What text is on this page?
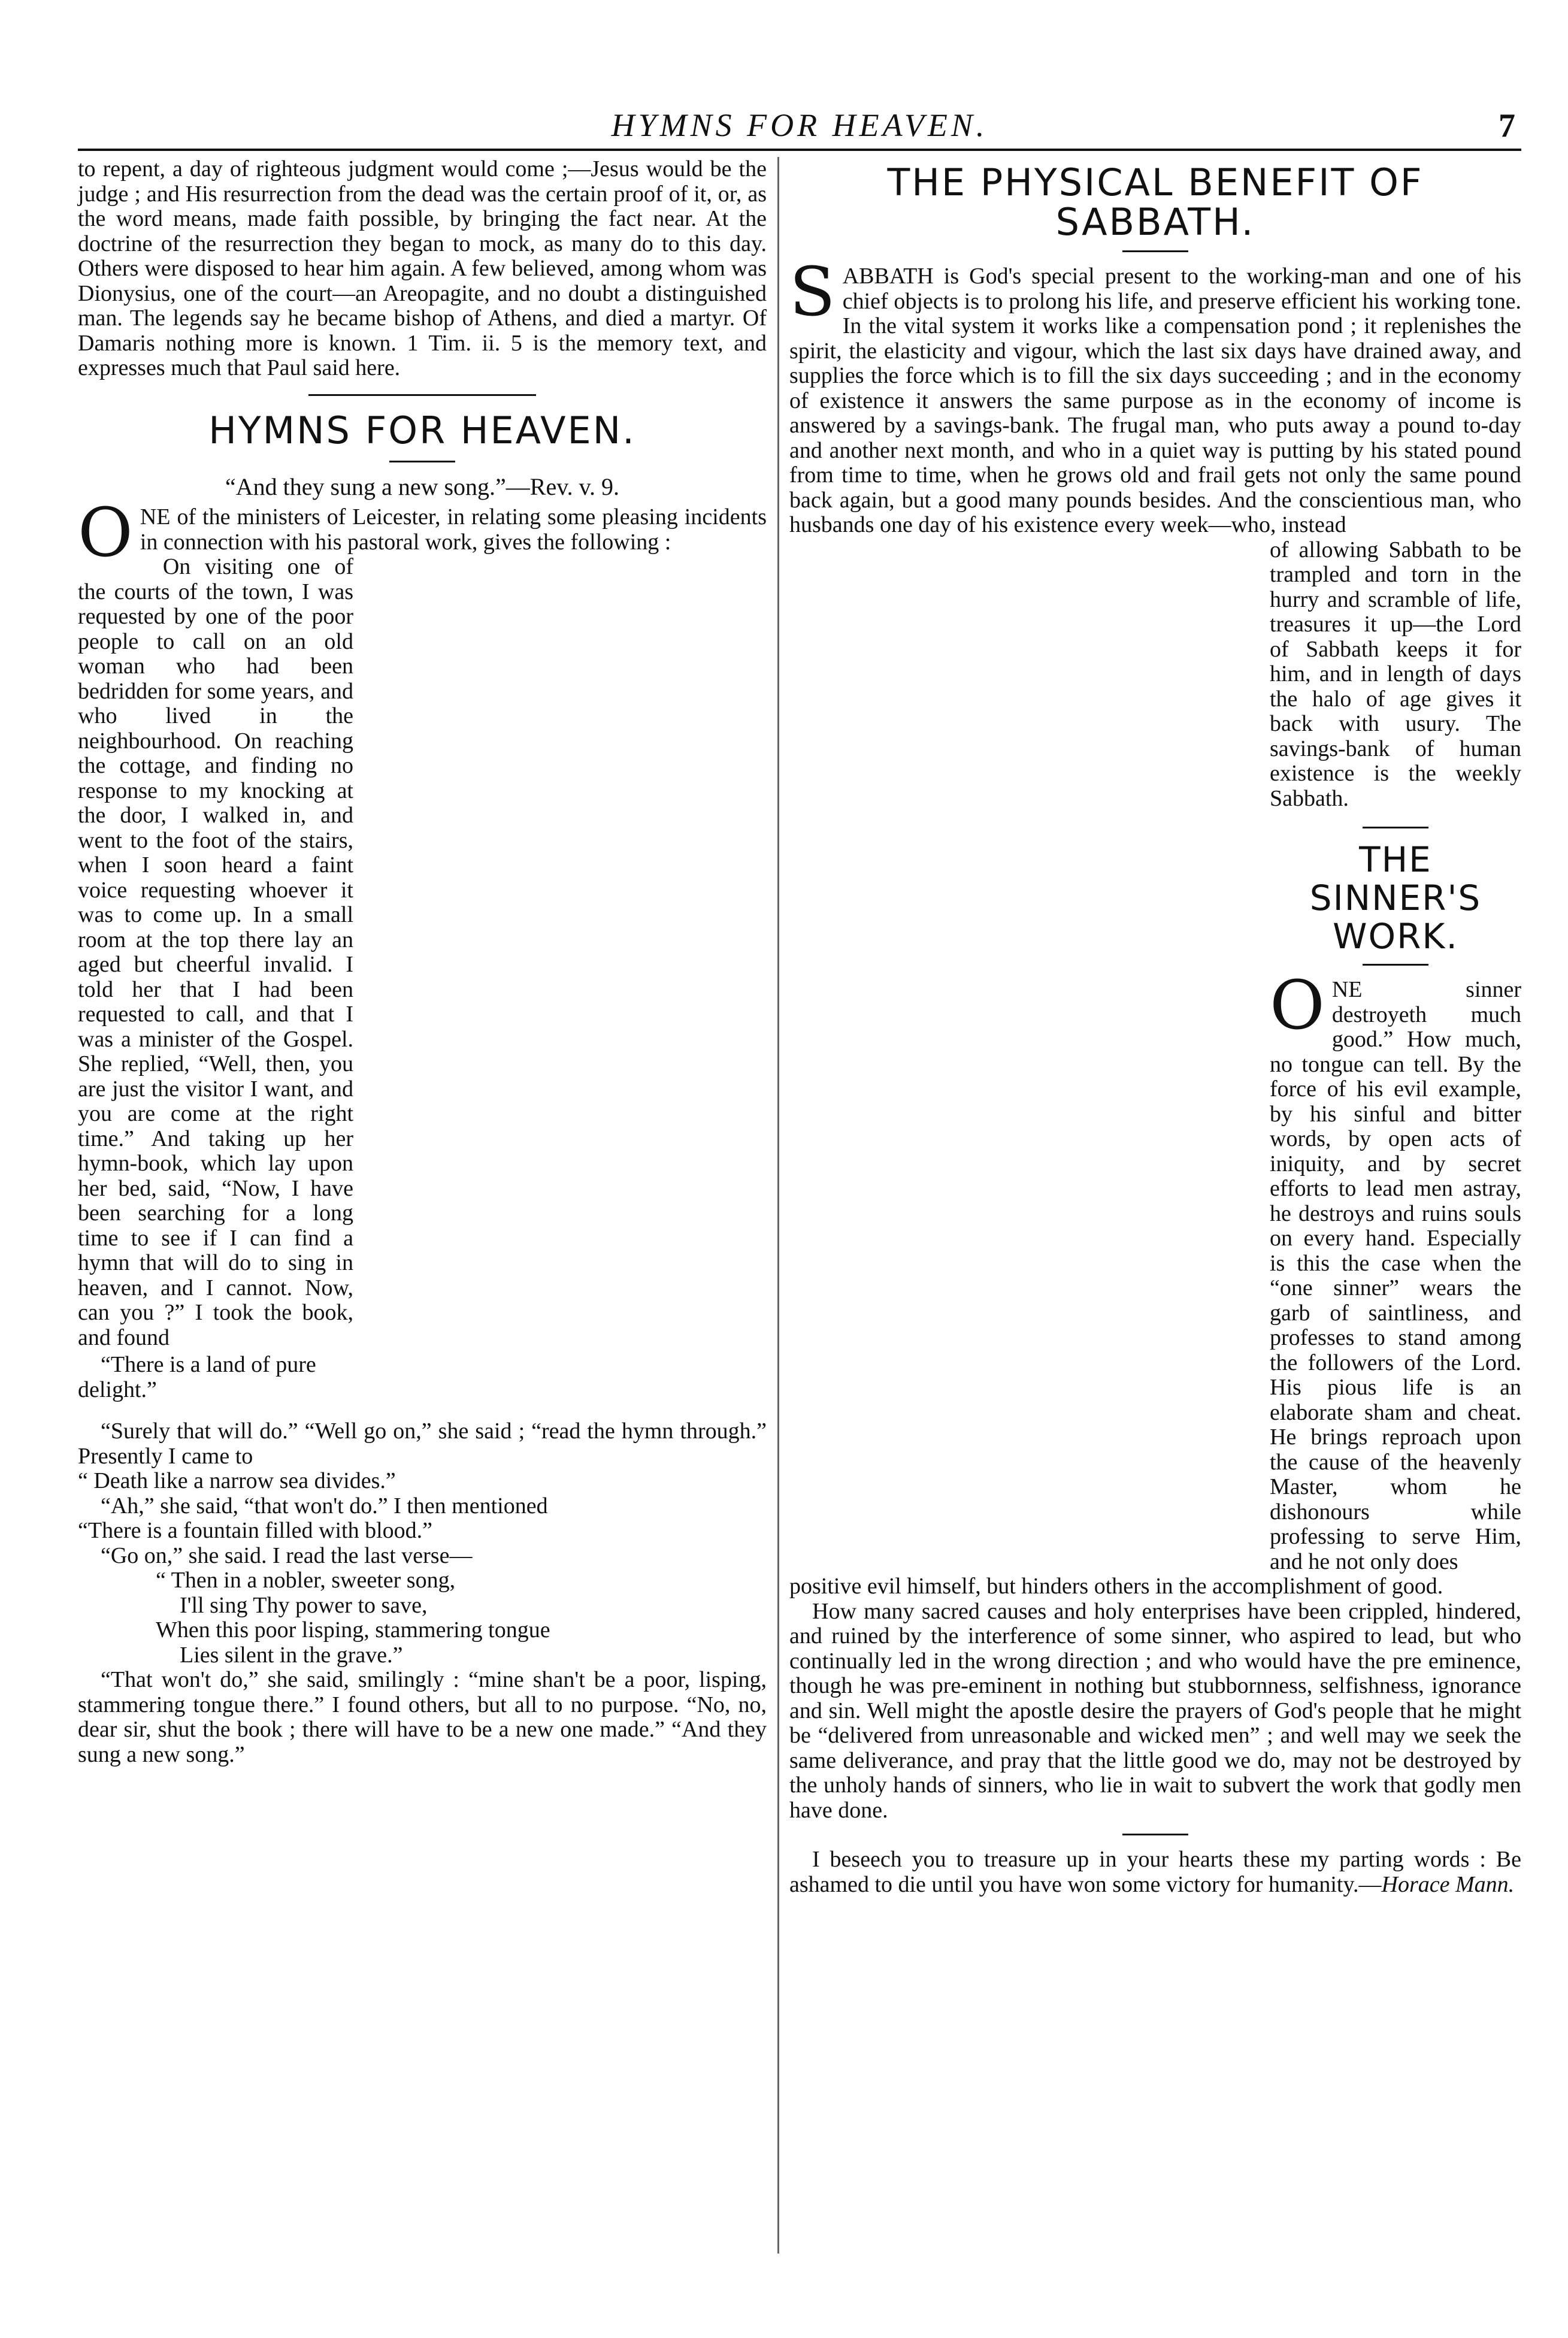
HYMNS FOR HEAVEN.	7

to repent, a day of righteous judgment would come ;—Jesus would be the judge ; and His resurrection from the dead was the certain proof of it, or, as the word means, made faith possible, by bringing the fact near. At the doctrine of the resurrection they began to mock, as many do to this day. Others were disposed to hear him again. A few believed, among whom was Dionysius, one of the court—an Areopagite, and no doubt a distinguished man. The legends say he became bishop of Athens, and died a martyr. Of Damaris nothing more is known. 1 Tim. ii. 5 is the memory text, and expresses much that Paul said here.

HYMNS FOR HEAVEN.
“And they sung a new song.”—Rev. v. 9.

ONE of the ministers of Leicester, in relating some pleasing incidents in connection with his pastoral work, gives the following :

On visiting one of the courts of the town, I was requested by one of the poor people to call on an old woman who had been bedridden for some years, and who lived in the neighbourhood. On reaching the cottage, and finding no response to my knocking at the door, I walked in, and went to the foot of the stairs, when I soon heard a faint voice requesting whoever it was to come up. In a small room at the top there lay an aged but cheerful invalid. I told her that I had been requested to call, and that I was a minister of the Gospel. She replied, “Well, then, you are just the visitor I want, and you are come at the right time.” And taking up her hymn-book, which lay upon her bed, said, “Now, I have been searching for a long time to see if I can find a hymn that will do to sing in heaven, and I cannot. Now, can you ?” I took the book, and found

“There is a land of pure delight.”

“Surely that will do.” “Well go on,” she said ; “read the hymn through.” Presently I came to

“ Death like a narrow sea divides.”

“Ah,” she said, “that won't do.” I then mentioned

“There is a fountain filled with blood.”

“Go on,” she said. I read the last verse—

“ Then in a nobler, sweeter song,

I'll sing Thy power to save,

When this poor lisping, stammering tongue

Lies silent in the grave.”

“That won't do,” she said, smilingly : “mine shan't be a poor, lisping, stammering tongue there.” I found others, but all to no purpose. “No, no, dear sir, shut the book ; there will have to be a new one made.” “And they sung a new song.”

THE PHYSICAL BENEFIT OF SABBATH.

SABBATH is God's special present to the working-man and one of his chief objects is to prolong his life, and preserve efficient his working tone. In the vital system it works like a compensation pond ; it replenishes the spirit, the elasticity and vigour, which the last six days have drained away, and supplies the force which is to fill the six days succeeding ; and in the economy of existence it answers the same purpose as in the economy of income is answered by a savings-bank. The frugal man, who puts away a pound to-day and another next month, and who in a quiet way is putting by his stated pound from time to time, when he grows old and frail gets not only the same pound back again, but a good many pounds besides. And the conscientious man, who husbands one day of his existence every week—who, instead

of allowing Sabbath to be trampled and torn in the hurry and scramble of life, treasures it up—the Lord of Sabbath keeps it for him, and in length of days the halo of age gives it back with usury. The savings-bank of human existence is the weekly Sabbath.

THE SINNER'S WORK.

ONE sinner destroyeth much good.” How much, no tongue can tell. By the force of his evil example, by his sinful and bitter words, by open acts of iniquity, and by secret efforts to lead men astray, he destroys and ruins souls on every hand. Especially is this the case when the “one sinner” wears the garb of saintliness, and professes to stand among the followers of the Lord. His pious life is an elaborate sham and cheat. He brings reproach upon the cause of the heavenly Master, whom he dishonours while professing to serve Him, and he not only does

positive evil himself, but hinders others in the accomplishment of good.

How many sacred causes and holy enterprises have been crippled, hindered, and ruined by the interference of some sinner, who aspired to lead, but who continually led in the wrong direction ; and who would have the pre eminence, though he was pre-eminent in nothing but stubbornness, selfishness, ignorance and sin. Well might the apostle desire the prayers of God's people that he might be “delivered from unreasonable and wicked men” ; and well may we seek the same deliverance, and pray that the little good we do, may not be destroyed by the unholy hands of sinners, who lie in wait to subvert the work that godly men have done.

I beseech you to treasure up in your hearts these my parting words : Be ashamed to die until you have won some victory for humanity.—Horace Mann.
